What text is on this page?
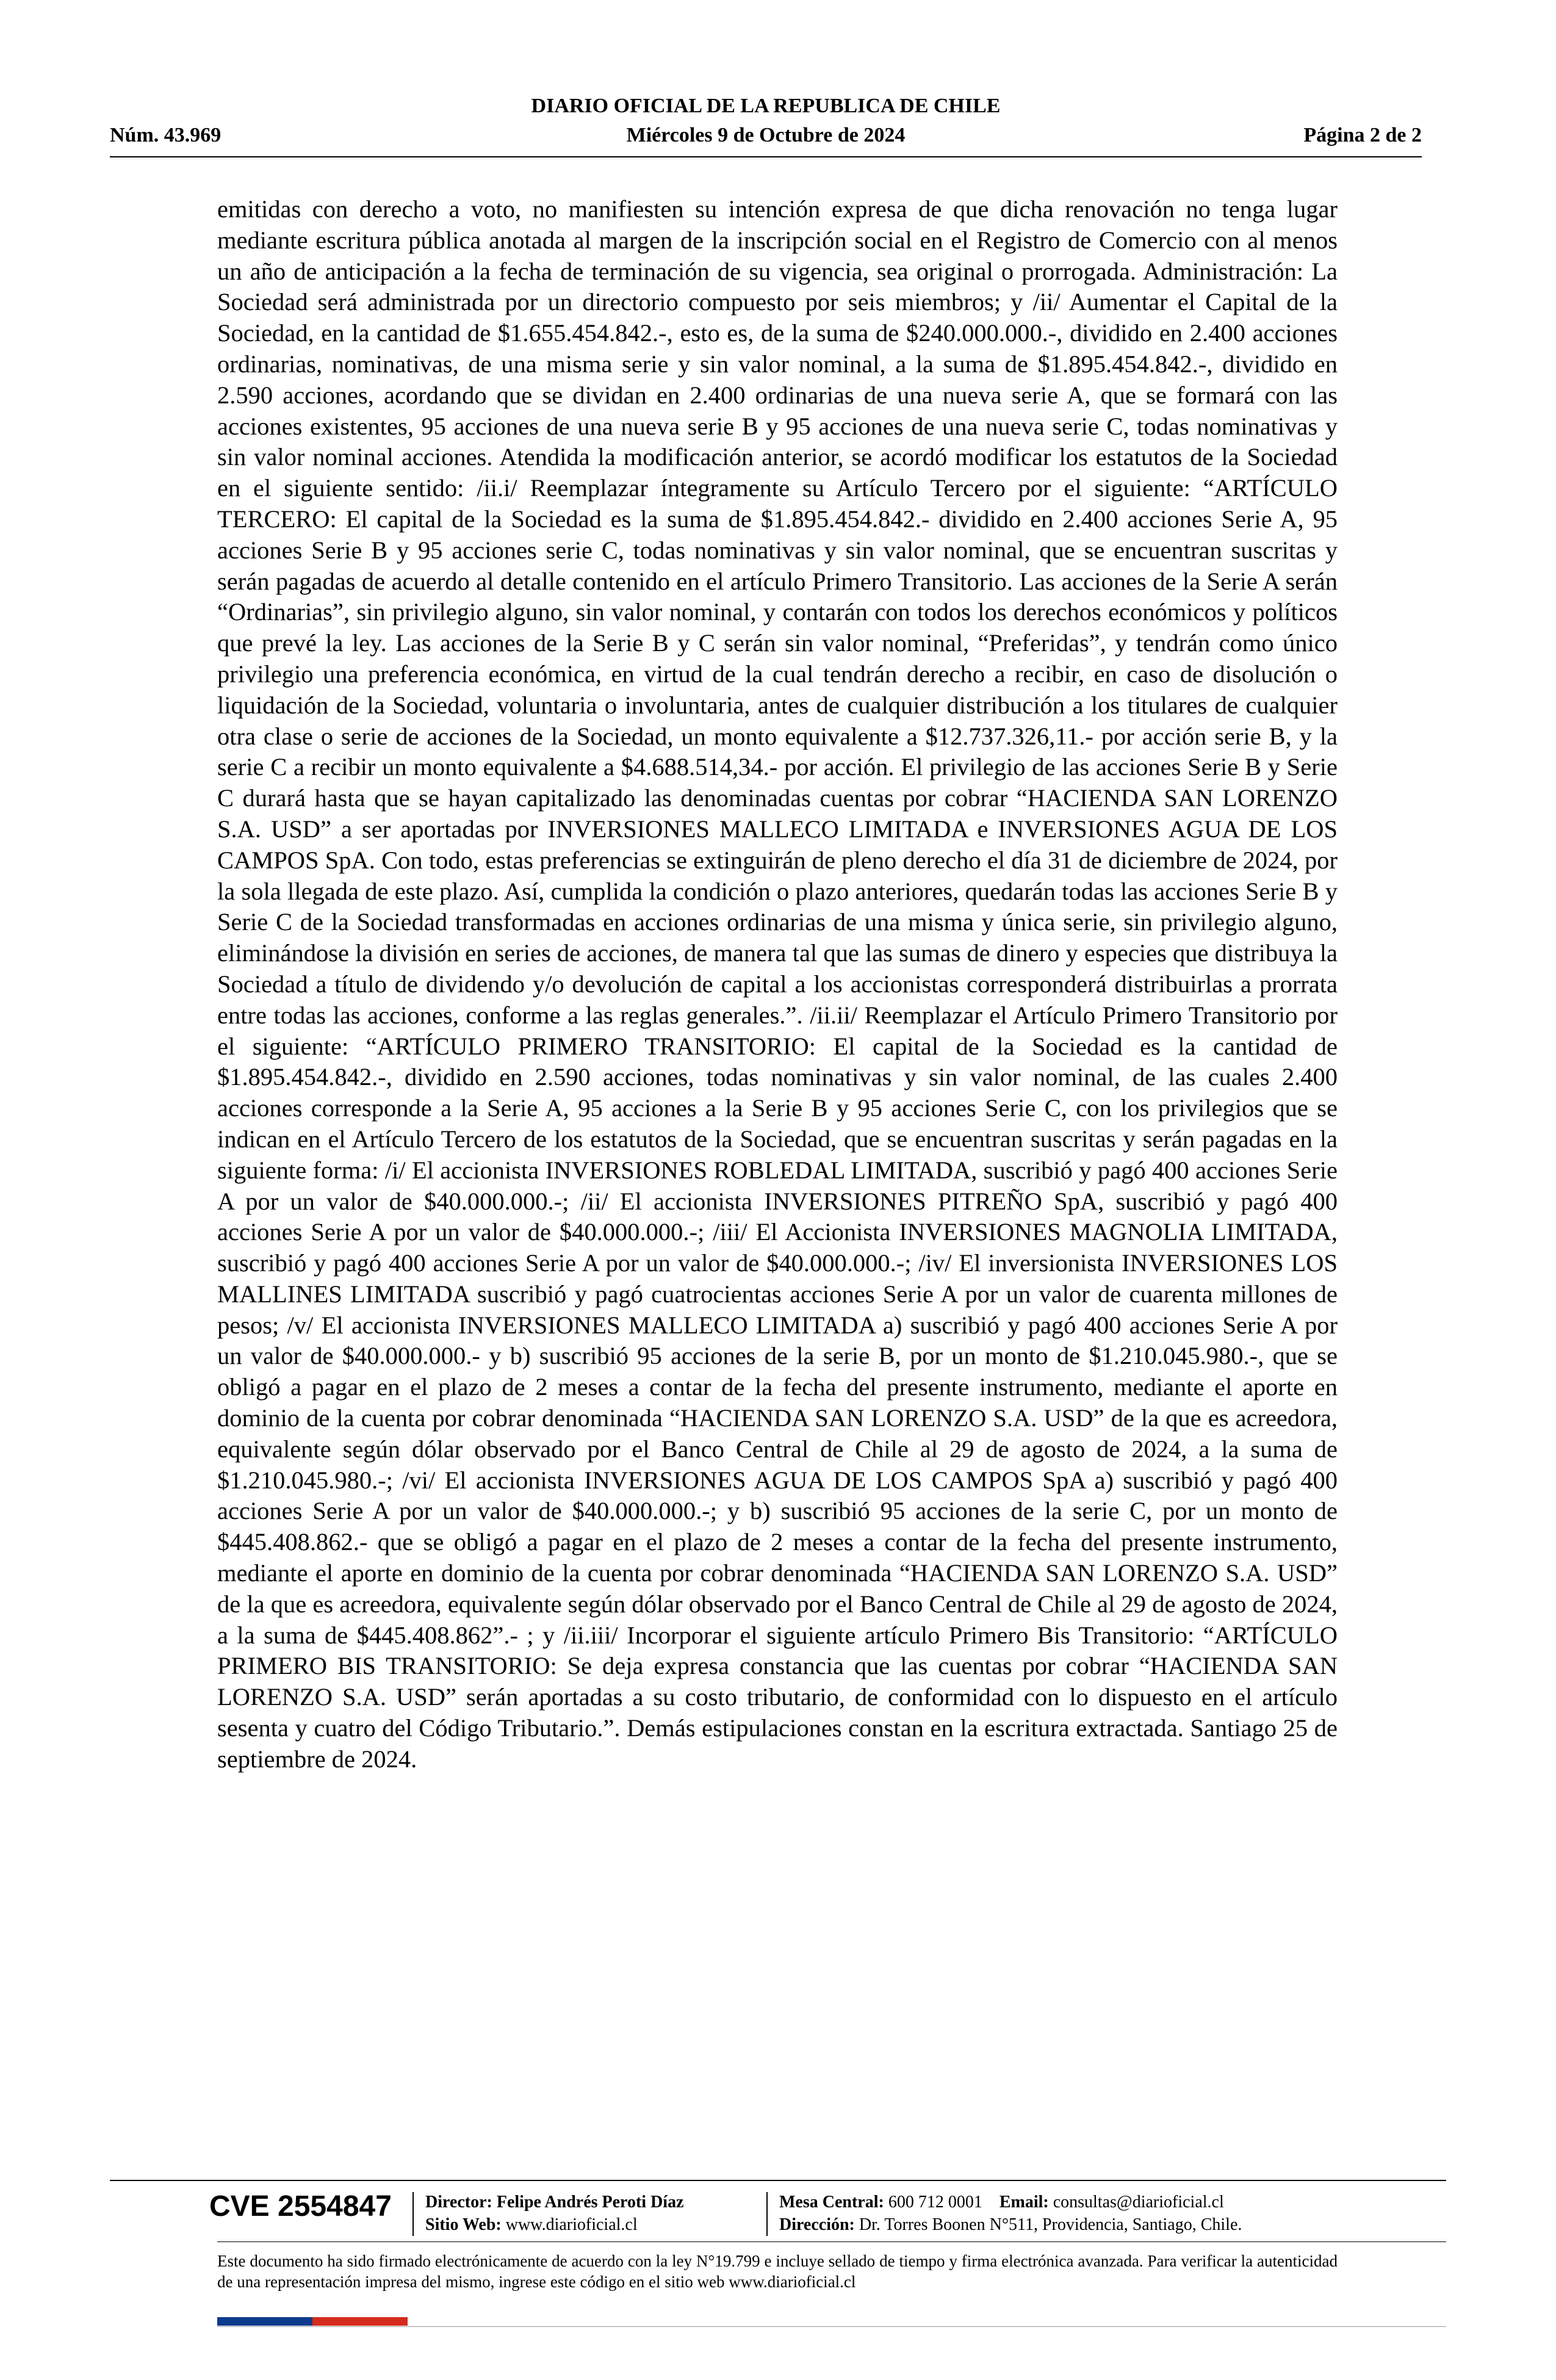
DIARIO OFICIAL DE LA REPUBLICA DE CHILE
Núm. 43.969	Miércoles 9 de Octubre de 2024	Página 2 de 2

emitidas con derecho a voto, no manifiesten su intención expresa de que dicha renovación no tenga lugar mediante escritura pública anotada al margen de la inscripción social en el Registro de Comercio con al menos un año de anticipación a la fecha de terminación de su vigencia, sea original o prorrogada. Administración: La Sociedad será administrada por un directorio compuesto por seis miembros; y /ii/ Aumentar el Capital de la Sociedad, en la cantidad de $1.655.454.842.-, esto es, de la suma de $240.000.000.-, dividido en 2.400 acciones ordinarias, nominativas, de una misma serie y sin valor nominal, a la suma de $1.895.454.842.-, dividido en 2.590 acciones, acordando que se dividan en 2.400 ordinarias de una nueva serie A, que se formará con las acciones existentes, 95 acciones de una nueva serie B y 95 acciones de una nueva serie C, todas nominativas y sin valor nominal acciones. Atendida la modificación anterior, se acordó modificar los estatutos de la Sociedad en el siguiente sentido: /ii.i/ Reemplazar íntegramente su Artículo Tercero por el siguiente: “ARTÍCULO TERCERO: El capital de la Sociedad es la suma de $1.895.454.842.- dividido en 2.400 acciones Serie A, 95 acciones Serie B y 95 acciones serie C, todas nominativas y sin valor nominal, que se encuentran suscritas y serán pagadas de acuerdo al detalle contenido en el artículo Primero Transitorio. Las acciones de la Serie A serán “Ordinarias”, sin privilegio alguno, sin valor nominal, y contarán con todos los derechos económicos y políticos que prevé la ley. Las acciones de la Serie B y C serán sin valor nominal, “Preferidas”, y tendrán como único privilegio una preferencia económica, en virtud de la cual tendrán derecho a recibir, en caso de disolución o liquidación de la Sociedad, voluntaria o involuntaria, antes de cualquier distribución a los titulares de cualquier otra clase o serie de acciones de la Sociedad, un monto equivalente a $12.737.326,11.- por acción serie B, y la serie C a recibir un monto equivalente a $4.688.514,34.- por acción. El privilegio de las acciones Serie B y Serie C durará hasta que se hayan capitalizado las denominadas cuentas por cobrar “HACIENDA SAN LORENZO S.A. USD” a ser aportadas por INVERSIONES MALLECO LIMITADA e INVERSIONES AGUA DE LOS CAMPOS SpA. Con todo, estas preferencias se extinguirán de pleno derecho el día 31 de diciembre de 2024, por la sola llegada de este plazo. Así, cumplida la condición o plazo anteriores, quedarán todas las acciones Serie B y Serie C de la Sociedad transformadas en acciones ordinarias de una misma y única serie, sin privilegio alguno, eliminándose la división en series de acciones, de manera tal que las sumas de dinero y especies que distribuya la Sociedad a título de dividendo y/o devolución de capital a los accionistas corresponderá distribuirlas a prorrata entre todas las acciones, conforme a las reglas generales.”. /ii.ii/ Reemplazar el Artículo Primero Transitorio por el siguiente: “ARTÍCULO PRIMERO TRANSITORIO: El capital de la Sociedad es la cantidad de $1.895.454.842.-, dividido en 2.590 acciones, todas nominativas y sin valor nominal, de las cuales 2.400 acciones corresponde a la Serie A, 95 acciones a la Serie B y 95 acciones Serie C, con los privilegios que se indican en el Artículo Tercero de los estatutos de la Sociedad, que se encuentran suscritas y serán pagadas en la siguiente forma: /i/ El accionista INVERSIONES ROBLEDAL LIMITADA, suscribió y pagó 400 acciones Serie A por un valor de $40.000.000.-; /ii/ El accionista INVERSIONES PITREÑO SpA, suscribió y pagó 400 acciones Serie A por un valor de $40.000.000.-; /iii/ El Accionista INVERSIONES MAGNOLIA LIMITADA, suscribió y pagó 400 acciones Serie A por un valor de $40.000.000.-; /iv/ El inversionista INVERSIONES LOS MALLINES LIMITADA suscribió y pagó cuatrocientas acciones Serie A por un valor de cuarenta millones de pesos; /v/ El accionista INVERSIONES MALLECO LIMITADA a) suscribió y pagó 400 acciones Serie A por un valor de $40.000.000.- y b) suscribió 95 acciones de la serie B, por un monto de $1.210.045.980.-, que se obligó a pagar en el plazo de 2 meses a contar de la fecha del presente instrumento, mediante el aporte en dominio de la cuenta por cobrar denominada “HACIENDA SAN LORENZO S.A. USD” de la que es acreedora, equivalente según dólar observado por el Banco Central de Chile al 29 de agosto de 2024, a la suma de $1.210.045.980.-; /vi/ El accionista INVERSIONES AGUA DE LOS CAMPOS SpA a) suscribió y pagó 400 acciones Serie A por un valor de $40.000.000.-; y b) suscribió 95 acciones de la serie C, por un monto de $445.408.862.- que se obligó a pagar en el plazo de 2 meses a contar de la fecha del presente instrumento, mediante el aporte en dominio de la cuenta por cobrar denominada “HACIENDA SAN LORENZO S.A. USD” de la que es acreedora, equivalente según dólar observado por el Banco Central de Chile al 29 de agosto de 2024, a la suma de $445.408.862”.- ; y /ii.iii/ Incorporar el siguiente artículo Primero Bis Transitorio: “ARTÍCULO PRIMERO BIS TRANSITORIO: Se deja expresa constancia que las cuentas por cobrar “HACIENDA SAN LORENZO S.A. USD” serán aportadas a su costo tributario, de conformidad con lo dispuesto en el artículo sesenta y cuatro del Código Tributario.”. Demás estipulaciones constan en la escritura extractada. Santiago 25 de septiembre de 2024.

CVE 2554847 Director: Felipe Andrés Peroti Díaz
Sitio Web: www.diarioficial.cl
Mesa Central: 600 712 0001 Email: consultas@diarioficial.cl
Dirección: Dr. Torres Boonen N°511, Providencia, Santiago, Chile.
Este documento ha sido firmado electrónicamente de acuerdo con la ley N°19.799 e incluye sellado de tiempo y firma electrónica avanzada. Para verificar la autenticidad de una representación impresa del mismo, ingrese este código en el sitio web www.diarioficial.cl
